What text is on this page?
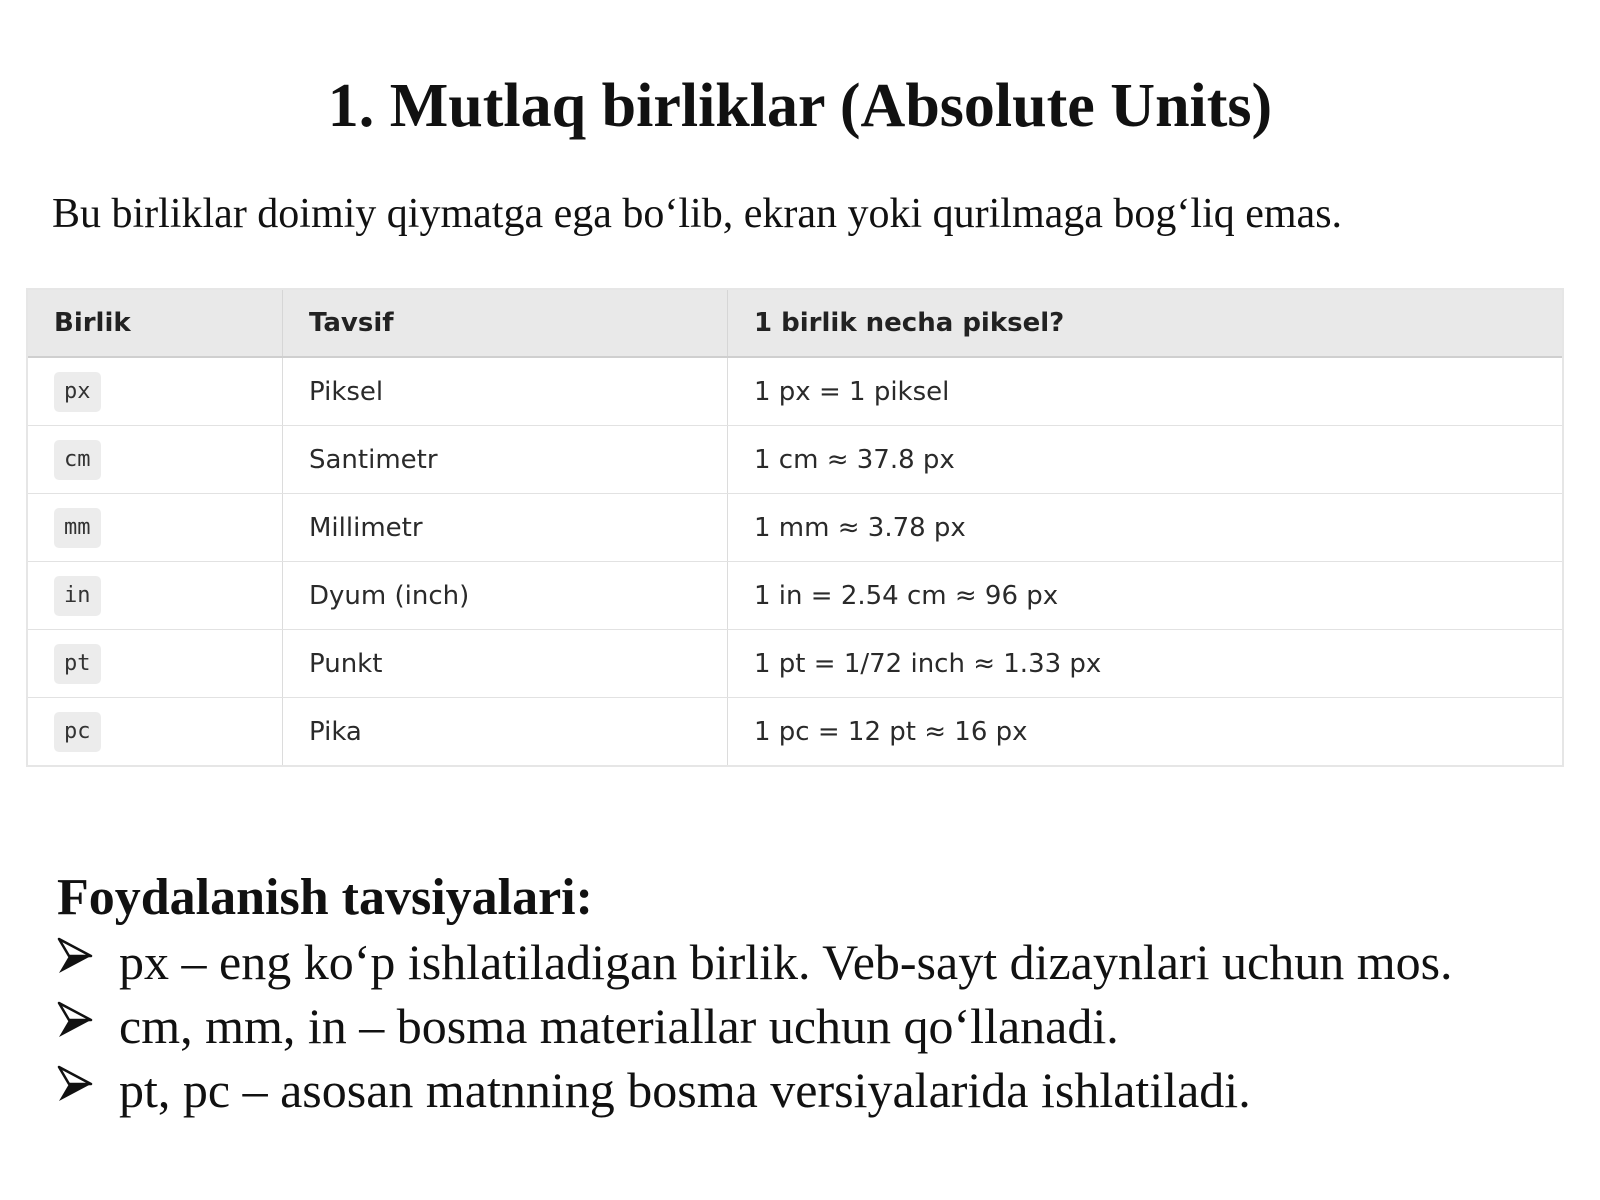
1. Mutlaq birliklar (Absolute Units)

Bu birliklar doimiy qiymatga ega bo‘lib, ekran yoki qurilmaga bog‘liq emas.

Birlik	Tavsif	1 birlik necha piksel?
px	Piksel	1 px = 1 piksel
cm	Santimetr	1 cm ≈ 37.8 px
mm	Millimetr	1 mm ≈ 3.78 px
in	Dyum (inch)	1 in = 2.54 cm ≈ 96 px
pt	Punkt	1 pt = 1/72 inch ≈ 1.33 px
pc	Pika	1 pc = 12 pt ≈ 16 px
Foydalanish tavsiyalari:
px – eng ko‘p ishlatiladigan birlik. Veb-sayt dizaynlari uchun mos.
cm, mm, in – bosma materiallar uchun qo‘llanadi.
pt, pc – asosan matnning bosma versiyalarida ishlatiladi.
